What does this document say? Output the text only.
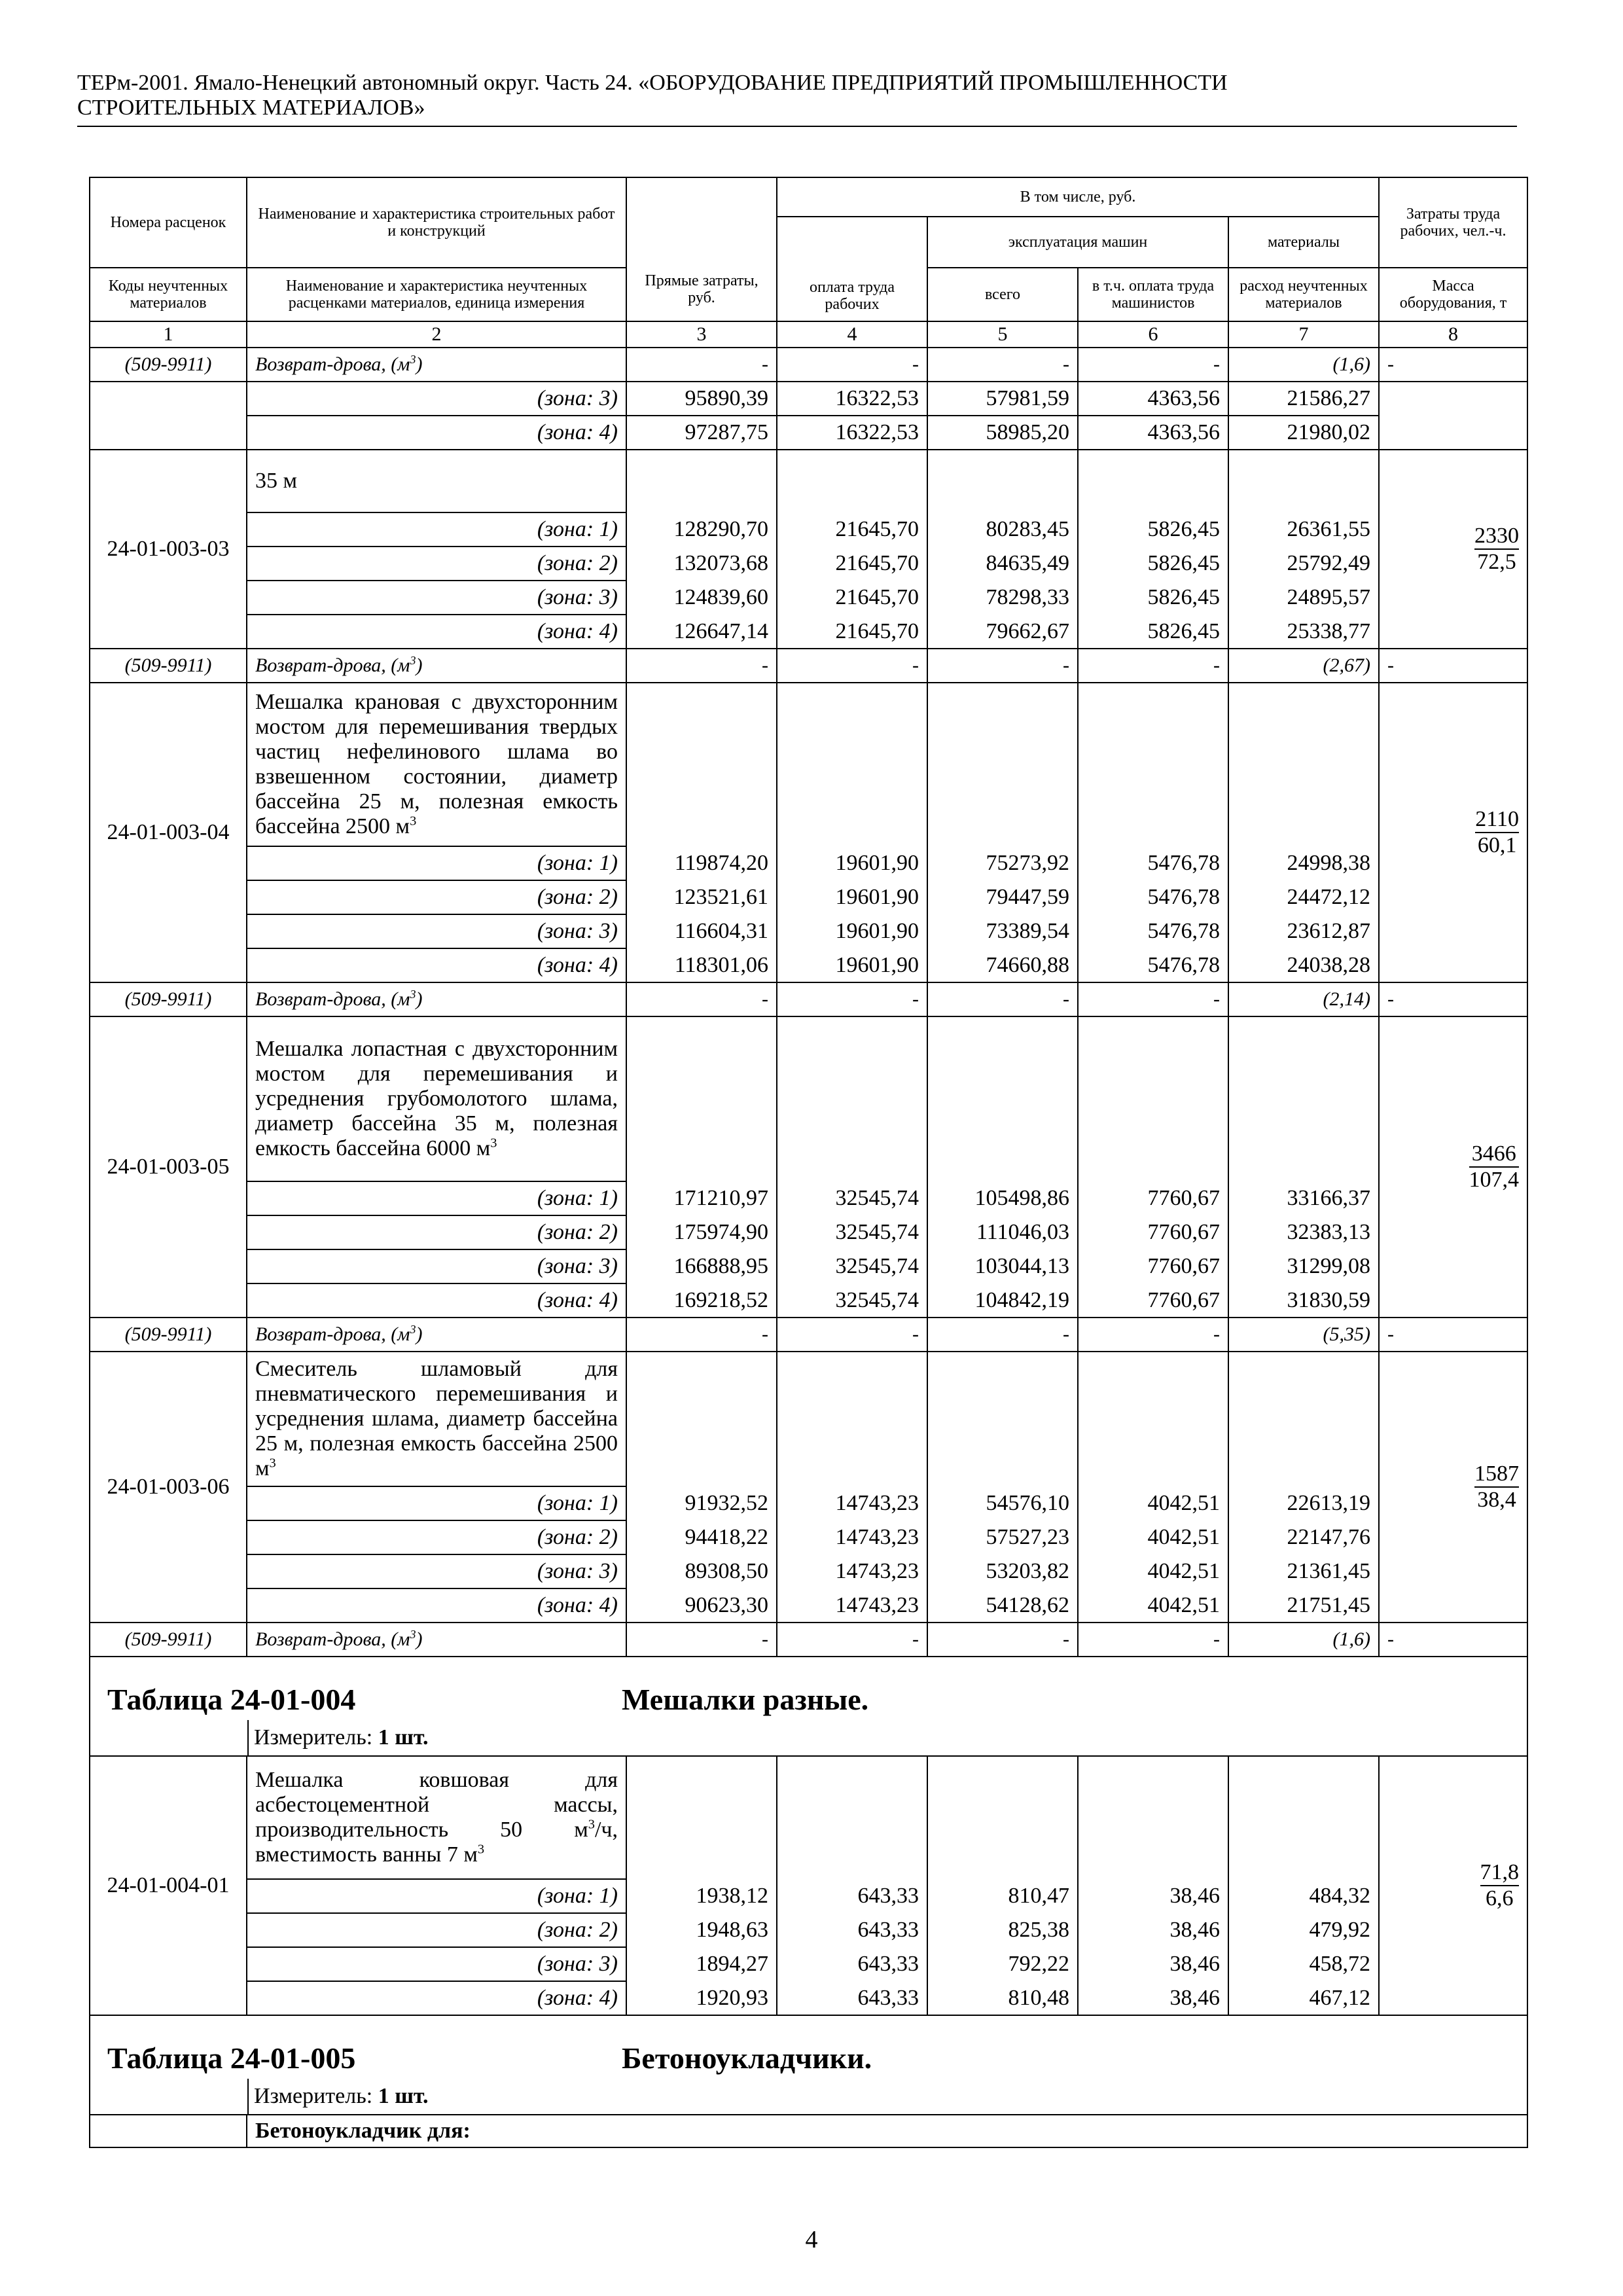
ТЕРм-2001. Ямало-Ненецкий автономный округ. Часть 24. «ОБОРУДОВАНИЕ ПРЕДПРИЯТИЙ ПРОМЫШЛЕННОСТИ
СТРОИТЕЛЬНЫХ МАТЕРИАЛОВ»
Номера расценок	Наименование и характеристика строительных работ и конструкций	Прямые затраты, руб.	В том числе, руб.				Затраты труда рабочих, чел.-ч.
			оплата труда рабочих	эксплуатация машин		материалы	
Коды неучтенных материалов	Наименование и характеристика неучтенных расценками материалов, единица измерения			всего	в т.ч. оплата труда машинистов	расход неучтенных материалов	Масса оборудования, т
1	2	3	4	5	6	7	8
(509-9911)	Возврат-дрова, $(м^3)$	-	-	-	-	(1,6)	-
	(зона: 3)	95890,39	16322,53	57981,59	4363,56	21586,27	
	(зона: 4)	97287,75	16322,53	58985,20	4363,56	21980,02	
24-01-003-03	35 м						$\frac{2330}{72,5}$
	(зона: 1)	128290,70	21645,70	80283,45	5826,45	26361,55	
	(зона: 2)	132073,68	21645,70	84635,49	5826,45	25792,49	
	(зона: 3)	124839,60	21645,70	78298,33	5826,45	24895,57	
	(зона: 4)	126647,14	21645,70	79662,67	5826,45	25338,77	
(509-9911)	Возврат-дрова, $(м^3)$	-	-	-	-	(2,67)	-
24-01-003-04	Мешалка крановая с двухсторонним мостом для перемешивания твердых частиц нефелинового шлама во взвешенном состоянии, диаметр бассейна 25 м, полезная емкость бассейна 2500 $м^3$						$\frac{2110}{60,1}$
	(зона: 1)	119874,20	19601,90	75273,92	5476,78	24998,38	
	(зона: 2)	123521,61	19601,90	79447,59	5476,78	24472,12	
	(зона: 3)	116604,31	19601,90	73389,54	5476,78	23612,87	
	(зона: 4)	118301,06	19601,90	74660,88	5476,78	24038,28	
(509-9911)	Возврат-дрова, $(м^3)$	-	-	-	-	(2,14)	-
24-01-003-05	Мешалка лопастная с двухсторонним мостом для перемешивания и усреднения грубомолотого шлама, диаметр бассейна 35 м, полезная емкость бассейна 6000 $м^3$						$\frac{3466}{107,4}$
	(зона: 1)	171210,97	32545,74	105498,86	7760,67	33166,37	
	(зона: 2)	175974,90	32545,74	111046,03	7760,67	32383,13	
	(зона: 3)	166888,95	32545,74	103044,13	7760,67	31299,08	
	(зона: 4)	169218,52	32545,74	104842,19	7760,67	31830,59	
(509-9911)	Возврат-дрова, $(м^3)$	-	-	-	-	(5,35)	-
24-01-003-06	Смеситель шламовый для пневматического перемешивания и усреднения шлама, диаметр бассейна 25 м, полезная емкость бассейна 2500 $м^3$						$\frac{1587}{38,4}$
	(зона: 1)	91932,52	14743,23	54576,10	4042,51	22613,19	
	(зона: 2)	94418,22	14743,23	57527,23	4042,51	22147,76	
	(зона: 3)	89308,50	14743,23	53203,82	4042,51	21361,45	
	(зона: 4)	90623,30	14743,23	54128,62	4042,51	21751,45	
(509-9911)	Возврат-дрова, $(м^3)$	-	-	-	-	(1,6)	-

Таблица 24-01-004 Мешалки разные.
Измеритель: 1 шт.							

24-01-004-01	Мешалка ковшовая для асбестоцементной массы, производительность 50 $м^3/ч$, вместимость ванны 7 $м^3$						$\frac{71,8}{6,6}$
	(зона: 1)	1938,12	643,33	810,47	38,46	484,32	
	(зона: 2)	1948,63	643,33	825,38	38,46	479,92	
	(зона: 3)	1894,27	643,33	792,22	38,46	458,72	
	(зона: 4)	1920,93	643,33	810,48	38,46	467,12	

Таблица 24-01-005 Бетоноукладчики.
Измеритель: 1 шт.							

	Бетоноукладчик для:						
4
